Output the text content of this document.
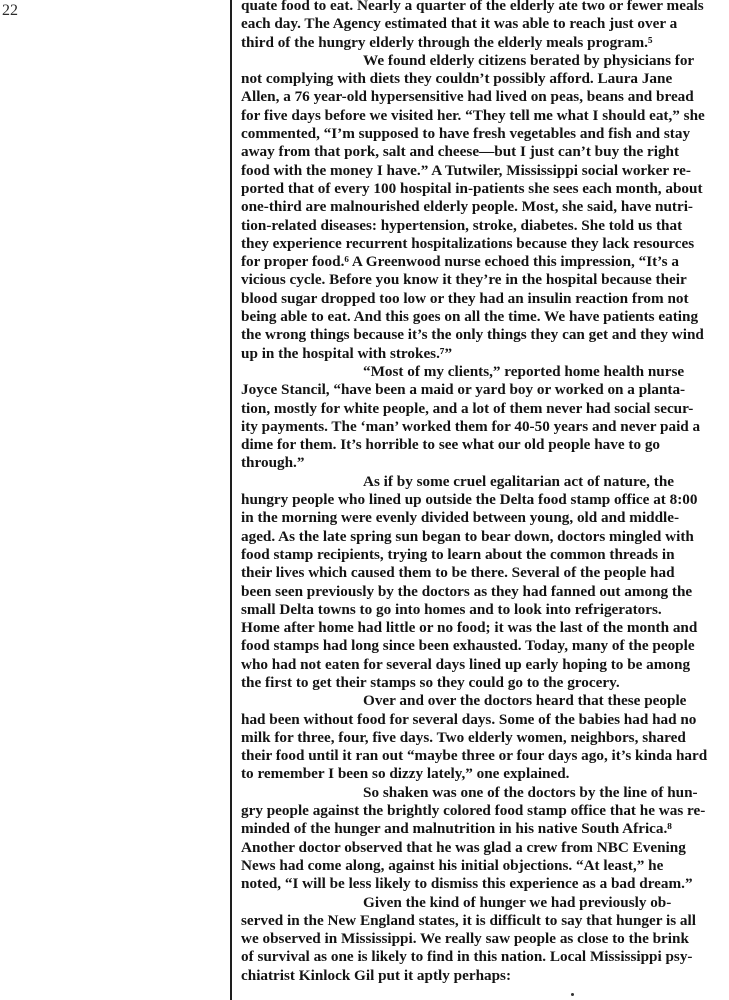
22	quate food to eat. Nearly a quarter of the elderly ate two or fewer meals
each day. The Agency estimated that it was able to reach just over a
third of the hungry elderly through the elderly meals program.⁵
We found elderly citizens berated by physicians for
not complying with diets they couldn’t possibly afford. Laura Jane
Allen, a 76 year-old hypersensitive had lived on peas, beans and bread
for five days before we visited her. “They tell me what I should eat,” she
commented, “I’m supposed to have fresh vegetables and fish and stay
away from that pork, salt and cheese—but I just can’t buy the right
food with the money I have.” A Tutwiler, Mississippi social worker re-
ported that of every 100 hospital in-patients she sees each month, about
one-third are malnourished elderly people. Most, she said, have nutri-
tion-related diseases: hypertension, stroke, diabetes. She told us that
they experience recurrent hospitalizations because they lack resources
for proper food.⁶ A Greenwood nurse echoed this impression, “It’s a
vicious cycle. Before you know it they’re in the hospital because their
blood sugar dropped too low or they had an insulin reaction from not
being able to eat. And this goes on all the time. We have patients eating
the wrong things because it’s the only things they can get and they wind
up in the hospital with strokes.⁷”
“Most of my clients,” reported home health nurse
Joyce Stancil, “have been a maid or yard boy or worked on a planta-
tion, mostly for white people, and a lot of them never had social secur-
ity payments. The ‘man’ worked them for 40-50 years and never paid a
dime for them. It’s horrible to see what our old people have to go
through.”
As if by some cruel egalitarian act of nature, the
hungry people who lined up outside the Delta food stamp office at 8:00
in the morning were evenly divided between young, old and middle-
aged. As the late spring sun began to bear down, doctors mingled with
food stamp recipients, trying to learn about the common threads in
their lives which caused them to be there. Several of the people had
been seen previously by the doctors as they had fanned out among the
small Delta towns to go into homes and to look into refrigerators.
Home after home had little or no food; it was the last of the month and
food stamps had long since been exhausted. Today, many of the people
who had not eaten for several days lined up early hoping to be among
the first to get their stamps so they could go to the grocery.
Over and over the doctors heard that these people
had been without food for several days. Some of the babies had had no
milk for three, four, five days. Two elderly women, neighbors, shared
their food until it ran out “maybe three or four days ago, it’s kinda hard
to remember I been so dizzy lately,” one explained.
So shaken was one of the doctors by the line of hun-
gry people against the brightly colored food stamp office that he was re-
minded of the hunger and malnutrition in his native South Africa.⁸
Another doctor observed that he was glad a crew from NBC Evening
News had come along, against his initial objections. “At least,” he
noted, “I will be less likely to dismiss this experience as a bad dream.”
Given the kind of hunger we had previously ob-
served in the New England states, it is difficult to say that hunger is all
we observed in Mississippi. We really saw people as close to the brink
of survival as one is likely to find in this nation. Local Mississippi psy-
chiatrist Kinlock Gil put it aptly perhaps:
